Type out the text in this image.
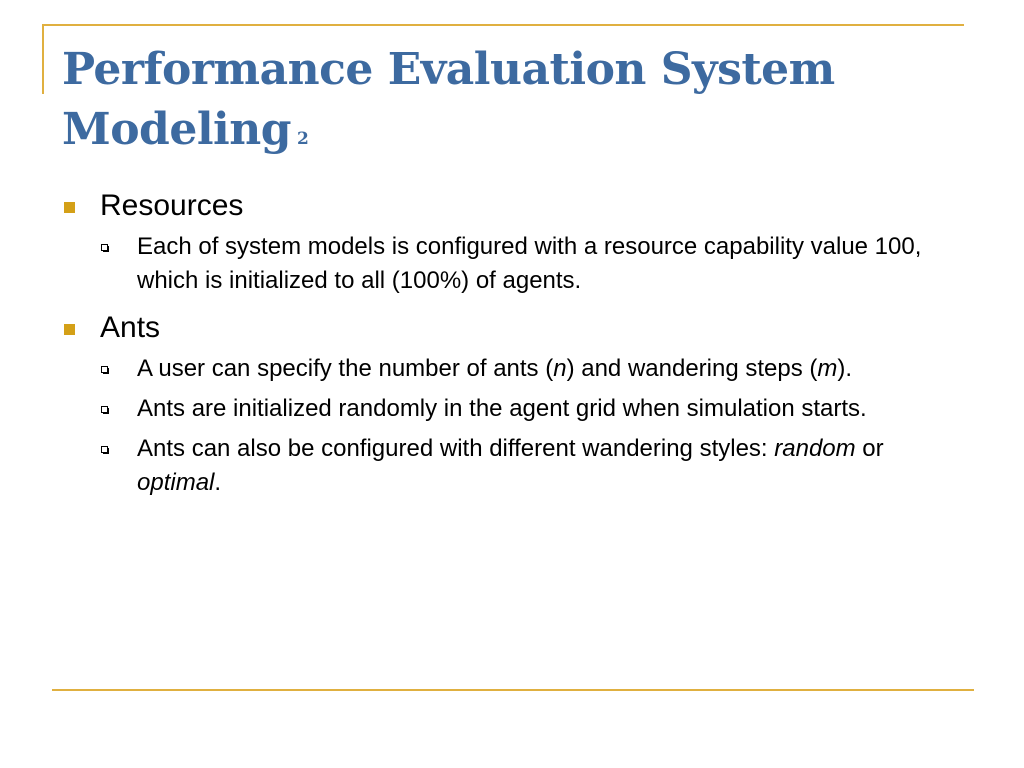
Performance Evaluation System
Modeling 2
Resources
Each of system models is configured with a resource capability value 100, which is initialized to all (100%) of agents.
Ants
A user can specify the number of ants (n) and wandering steps (m).
Ants are initialized randomly in the agent grid when simulation starts.
Ants can also be configured with different wandering styles: random or optimal.
